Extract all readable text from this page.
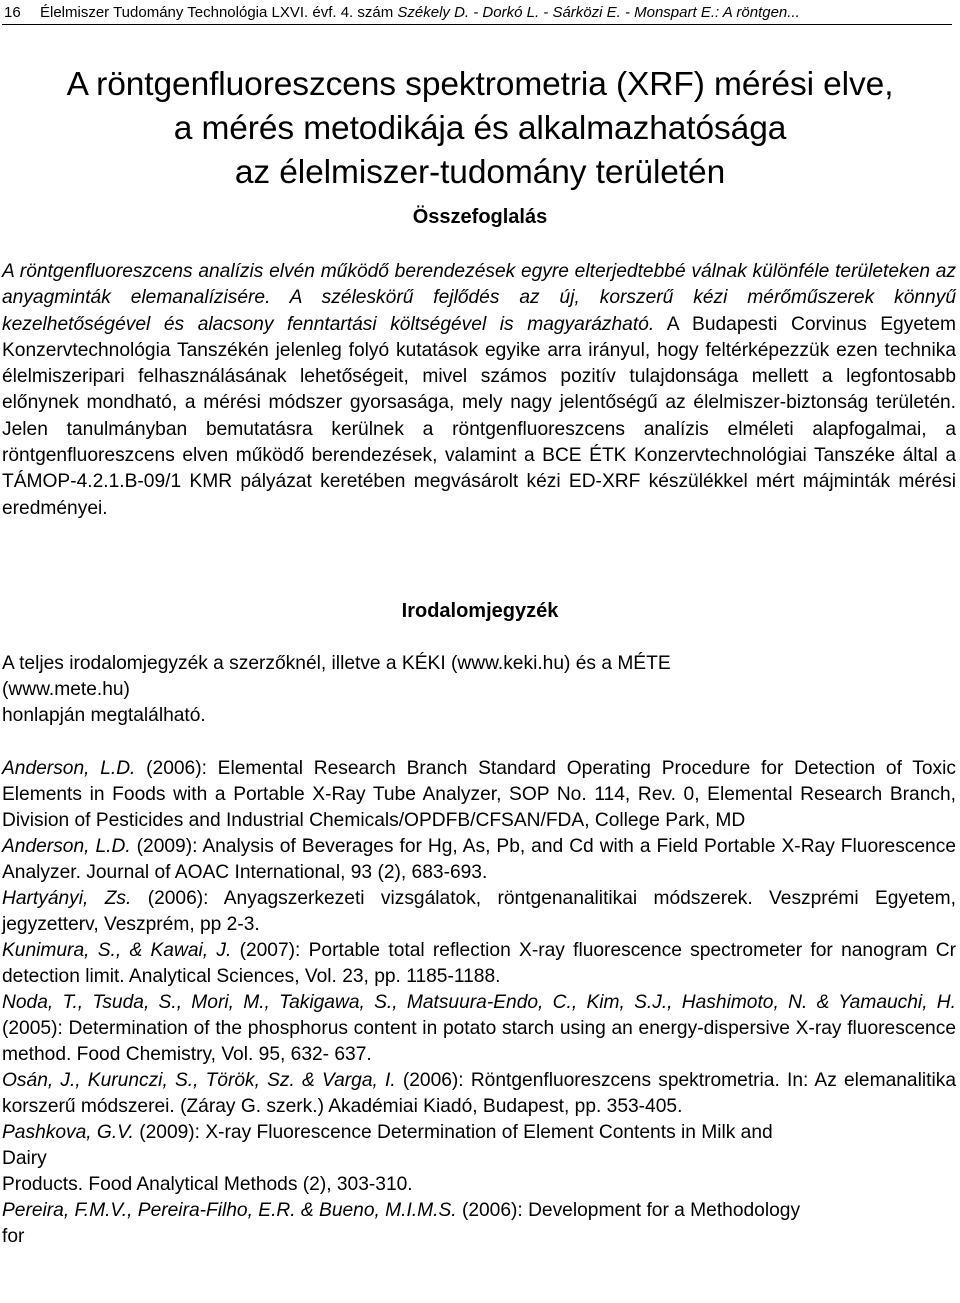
16 Élelmiszer Tudomány Technológia LXVI. évf. 4. szám Székely D. - Dorkó L. - Sárközi E. - Monspart E.: A röntgen...
A röntgenfluoreszcens spektrometria (XRF) mérési elve,
a mérés metodikája és alkalmazhatósága
az élelmiszer-tudomány területén
Összefoglalás

A röntgenfluoreszcens analízis elvén működő berendezések egyre elterjedtebbé válnak különféle területeken az anyagminták elemanalízisére. A széleskörű fejlődés az új, korszerű kézi mérőműszerek könnyű kezelhetőségével és alacsony fenntartási költségével is magyarázható. A Budapesti Corvinus Egyetem Konzervtechnológia Tanszékén jelenleg folyó kutatások egyike arra irányul, hogy feltérképezzük ezen technika élelmiszeripari felhasználásának lehetőségeit, mivel számos pozitív tulajdonsága mellett a legfontosabb előnynek mondható, a mérési módszer gyorsasága, mely nagy jelentőségű az élelmiszer-biztonság területén. Jelen tanulmányban bemutatásra kerülnek a röntgenfluoreszcens analízis elméleti alapfogalmai, a röntgenfluoreszcens elven működő berendezések, valamint a BCE ÉTK Konzervtechnológiai Tanszéke által a TÁMOP-4.2.1.B-09/1 KMR pályázat keretében megvásárolt kézi ED-XRF készülékkel mért májminták mérési eredményei.

Irodalomjegyzék

A teljes irodalomjegyzék a szerzőknél, illetve a KÉKI (www.keki.hu) és a MÉTE
(www.mete.hu)
honlapján megtalálható.

Anderson, L.D. (2006): Elemental Research Branch Standard Operating Procedure for Detection of Toxic Elements in Foods with a Portable X-Ray Tube Analyzer, SOP No. 114, Rev. 0, Elemental Research Branch, Division of Pesticides and Industrial Chemicals/OPDFB/CFSAN/FDA, College Park, MD
Anderson, L.D. (2009): Analysis of Beverages for Hg, As, Pb, and Cd with a Field Portable X-Ray Fluorescence Analyzer. Journal of AOAC International, 93 (2), 683-693.
Hartyányi, Zs. (2006): Anyagszerkezeti vizsgálatok, röntgenanalitikai módszerek. Veszprémi Egyetem, jegyzetterv, Veszprém, pp 2-3.
Kunimura, S., & Kawai, J. (2007): Portable total reflection X-ray fluorescence spectrometer for nanogram Cr detection limit. Analytical Sciences, Vol. 23, pp. 1185-1188.
Noda, T., Tsuda, S., Mori, M., Takigawa, S., Matsuura-Endo, C., Kim, S.J., Hashimoto, N. & Yamauchi, H. (2005): Determination of the phosphorus content in potato starch using an energy-dispersive X-ray fluorescence method. Food Chemistry, Vol. 95, 632- 637.
Osán, J., Kurunczi, S., Török, Sz. & Varga, I. (2006): Röntgenfluoreszcens spektrometria. In: Az elemanalitika korszerű módszerei. (Záray G. szerk.) Akadémiai Kiadó, Budapest, pp. 353-405.
Pashkova, G.V. (2009): X-ray Fluorescence Determination of Element Contents in Milk and
Dairy
Products. Food Analytical Methods (2), 303-310.
Pereira, F.M.V., Pereira-Filho, E.R. & Bueno, M.I.M.S. (2006): Development for a Methodology
for
